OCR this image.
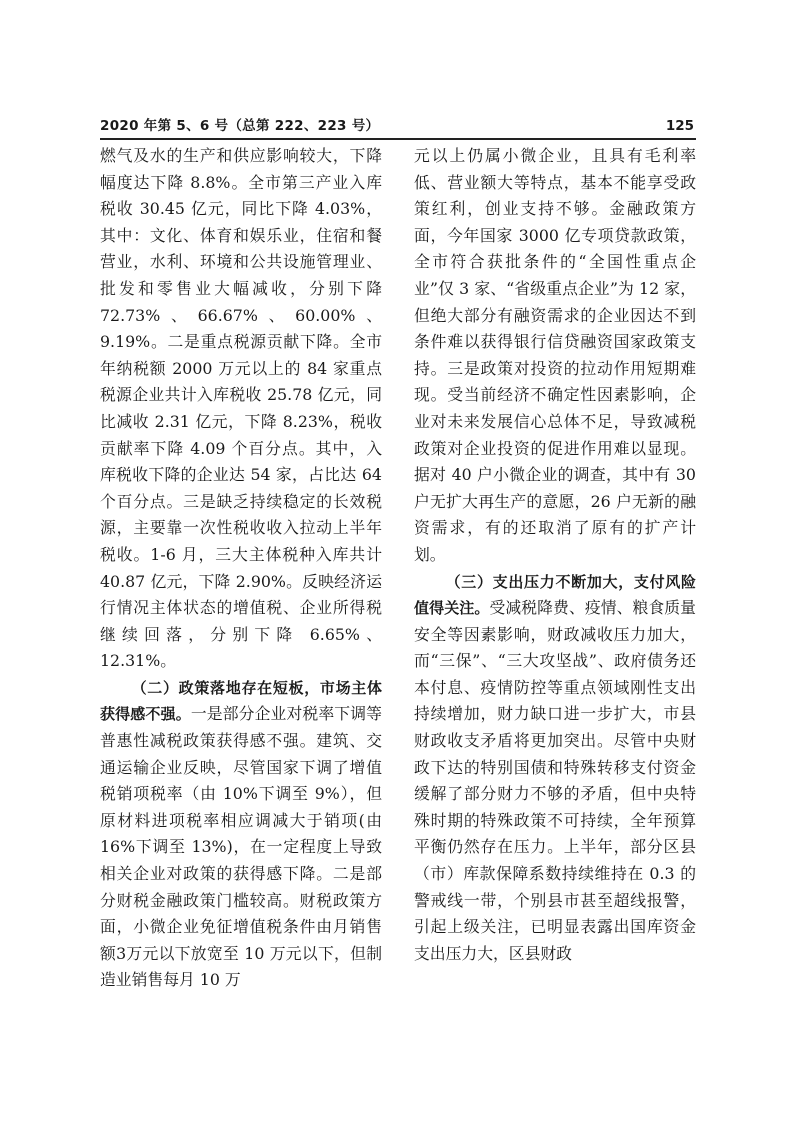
2020 年第 5、6 号（总第 222、223 号）	125

燃气及水的生产和供应影响较大，下降幅度达下降 8.8%。全市第三产业入库税收 30.45 亿元，同比下降 4.03%，其中：文化、体育和娱乐业，住宿和餐营业，水利、环境和公共设施管理业、批发和零售业大幅减收，分别下降 72.73%、66.67%、60.00%、9.19%。二是重点税源贡献下降。全市年纳税额 2000 万元以上的 84 家重点税源企业共计入库税收 25.78 亿元，同比减收 2.31 亿元，下降 8.23%，税收贡献率下降 4.09 个百分点。其中，入库税收下降的企业达 54 家，占比达 64 个百分点。三是缺乏持续稳定的长效税源，主要靠一次性税收收入拉动上半年税收。1-6 月，三大主体税种入库共计 40.87 亿元，下降 2.90%。反映经济运行情况主体状态的增值税、企业所得税继续回落，分别下降 6.65%、12.31%。

（二）政策落地存在短板，市场主体获得感不强。一是部分企业对税率下调等普惠性减税政策获得感不强。建筑、交通运输企业反映，尽管国家下调了增值税销项税率（由 10%下调至 9%），但原材料进项税率相应调减大于销项(由 16%下调至 13%)，在一定程度上导致相关企业对政策的获得感下降。二是部分财税金融政策门槛较高。财税政策方面，小微企业免征增值税条件由月销售额3万元以下放宽至 10 万元以下，但制造业销售每月 10 万

元以上仍属小微企业，且具有毛利率低、营业额大等特点，基本不能享受政策红利，创业支持不够。金融政策方面，今年国家 3000 亿专项贷款政策，全市符合获批条件的“全国性重点企业”仅 3 家、“省级重点企业”为 12 家，但绝大部分有融资需求的企业因达不到条件难以获得银行信贷融资国家政策支持。三是政策对投资的拉动作用短期难现。受当前经济不确定性因素影响，企业对未来发展信心总体不足，导致减税政策对企业投资的促进作用难以显现。据对 40 户小微企业的调查，其中有 30 户无扩大再生产的意愿，26 户无新的融资需求，有的还取消了原有的扩产计划。

（三）支出压力不断加大，支付风险值得关注。受减税降费、疫情、粮食质量安全等因素影响，财政减收压力加大，而“三保”、“三大攻坚战”、政府债务还本付息、疫情防控等重点领域刚性支出持续增加，财力缺口进一步扩大，市县财政收支矛盾将更加突出。尽管中央财政下达的特别国债和特殊转移支付资金缓解了部分财力不够的矛盾，但中央特殊时期的特殊政策不可持续，全年预算平衡仍然存在压力。上半年，部分区县（市）库款保障系数持续维持在 0.3 的警戒线一带，个别县市甚至超线报警，引起上级关注，已明显表露出国库资金支出压力大，区县财政
